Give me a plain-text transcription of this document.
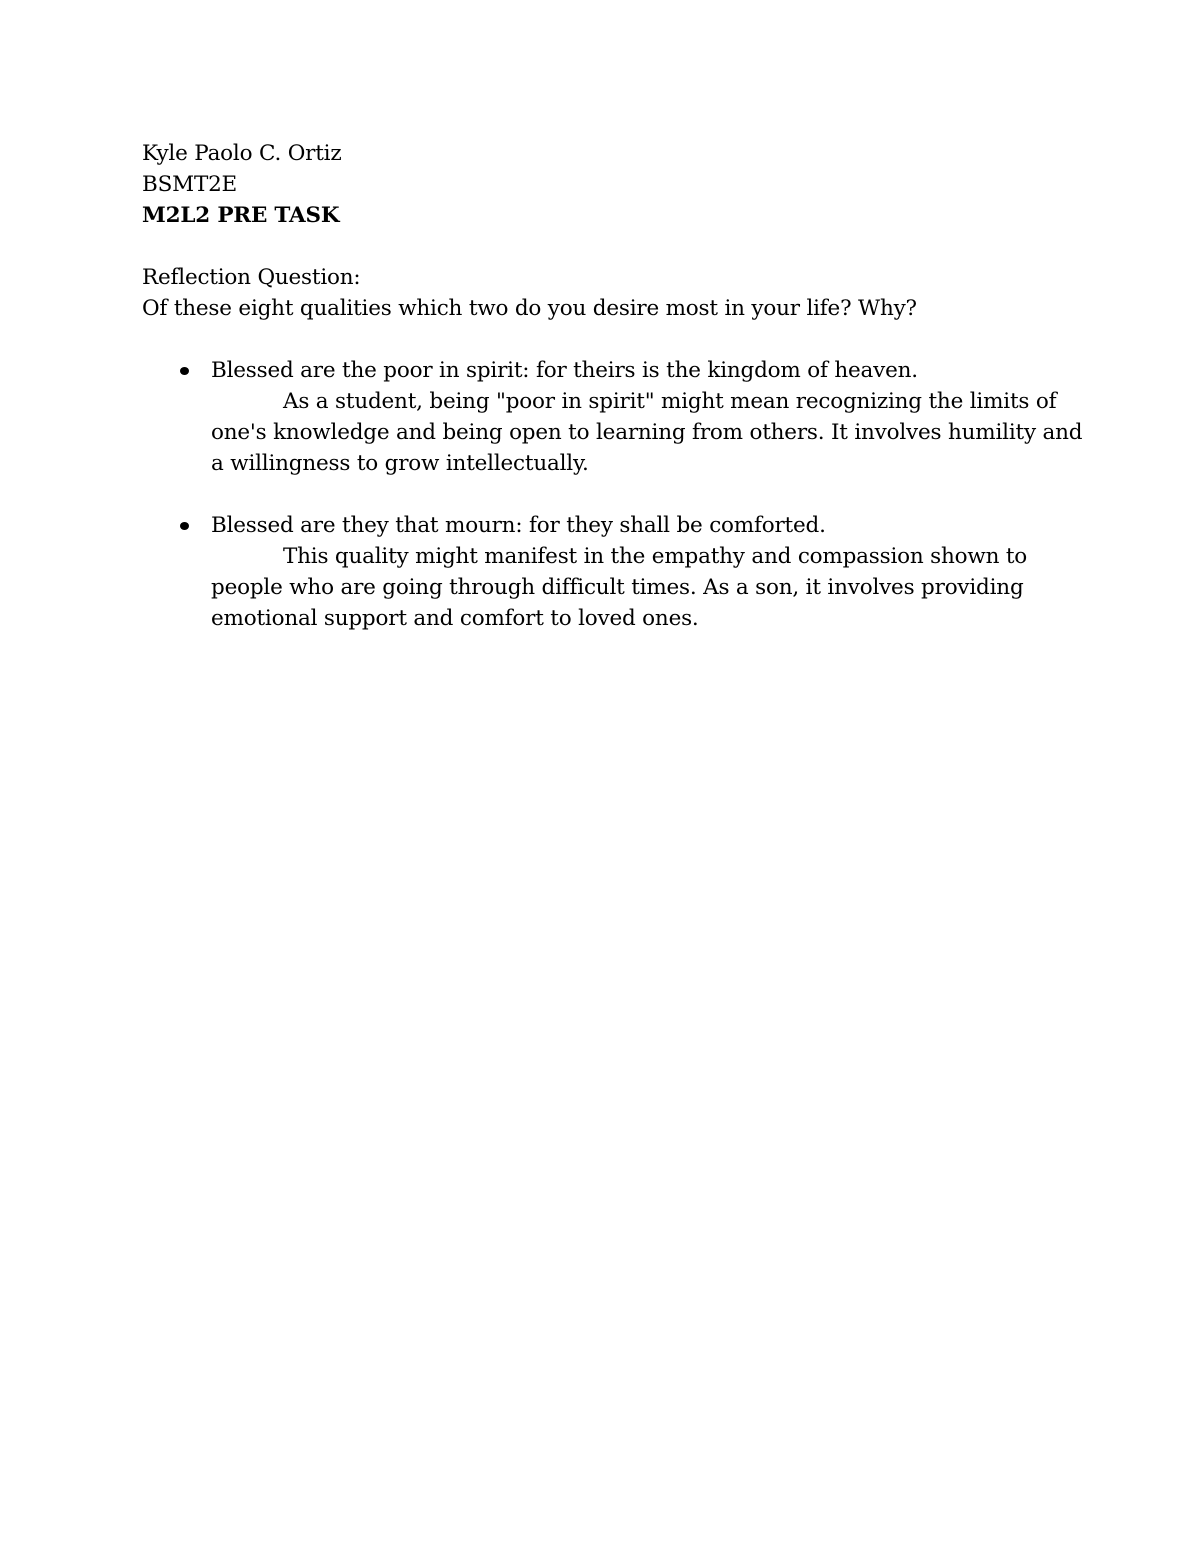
Kyle Paolo C. Ortiz
BSMT2E
M2L2 PRE TASK
Reflection Question:
Of these eight qualities which two do you desire most in your life? Why?
Blessed are the poor in spirit: for theirs is the kingdom of heaven.
As a student, being "poor in spirit" might mean recognizing the limits of
one's knowledge and being open to learning from others. It involves humility and
a willingness to grow intellectually.
Blessed are they that mourn: for they shall be comforted.
This quality might manifest in the empathy and compassion shown to
people who are going through difficult times. As a son, it involves providing
emotional support and comfort to loved ones.
